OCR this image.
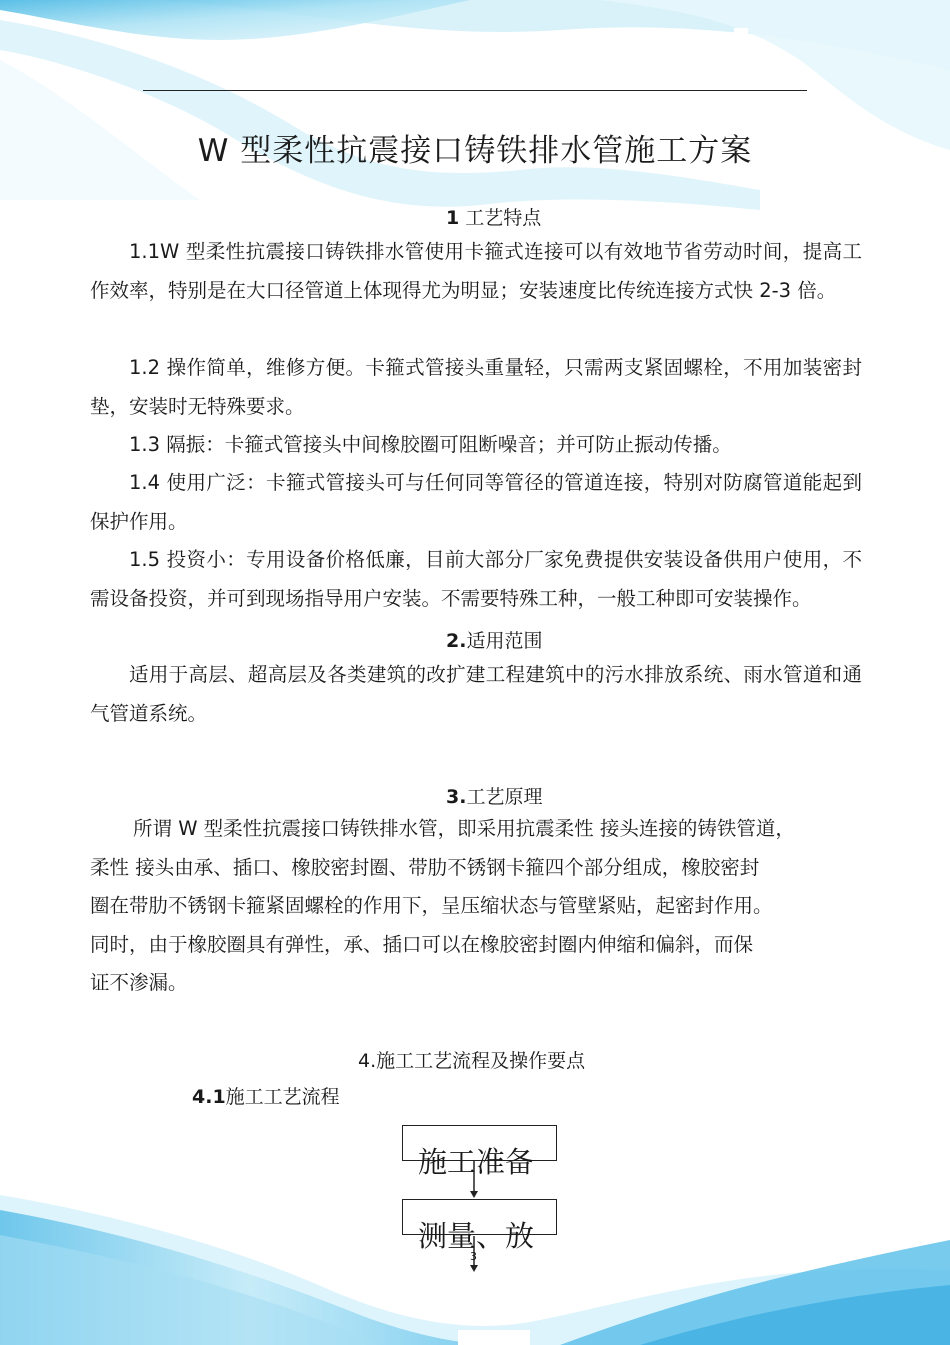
W 型柔性抗震接口铸铁排水管施工方案
1 工艺特点
1.1W 型柔性抗震接口铸铁排水管使用卡箍式连接可以有效地节省劳动时间，提高工作效率，特别是在大口径管道上体现得尤为明显；安装速度比传统连接方式快 2-3 倍。
1.2 操作简单，维修方便。卡箍式管接头重量轻，只需两支紧固螺栓，不用加装密封垫，安装时无特殊要求。
1.3 隔振：卡箍式管接头中间橡胶圈可阻断噪音；并可防止振动传播。
1.4 使用广泛：卡箍式管接头可与任何同等管径的管道连接，特别对防腐管道能起到保护作用。
1.5 投资小：专用设备价格低廉，目前大部分厂家免费提供安装设备供用户使用，不需设备投资，并可到现场指导用户安装。不需要特殊工种，一般工种即可安装操作。
2.适用范围
适用于高层、超高层及各类建筑的改扩建工程建筑中的污水排放系统、雨水管道和通气管道系统。
3.工艺原理
所谓 W 型柔性抗震接口铸铁排水管，即采用抗震柔性 接头连接的铸铁管道，
柔性 接头由承、插口、橡胶密封圈、带肋不锈钢卡箍四个部分组成，橡胶密封
圈在带肋不锈钢卡箍紧固螺栓的作用下，呈压缩状态与管壁紧贴，起密封作用。
同时，由于橡胶圈具有弹性，承、插口可以在橡胶密封圈内伸缩和偏斜，而保
证不渗漏。
4.施工工艺流程及操作要点
4.1施工工艺流程
施工准备
测量、放
3
